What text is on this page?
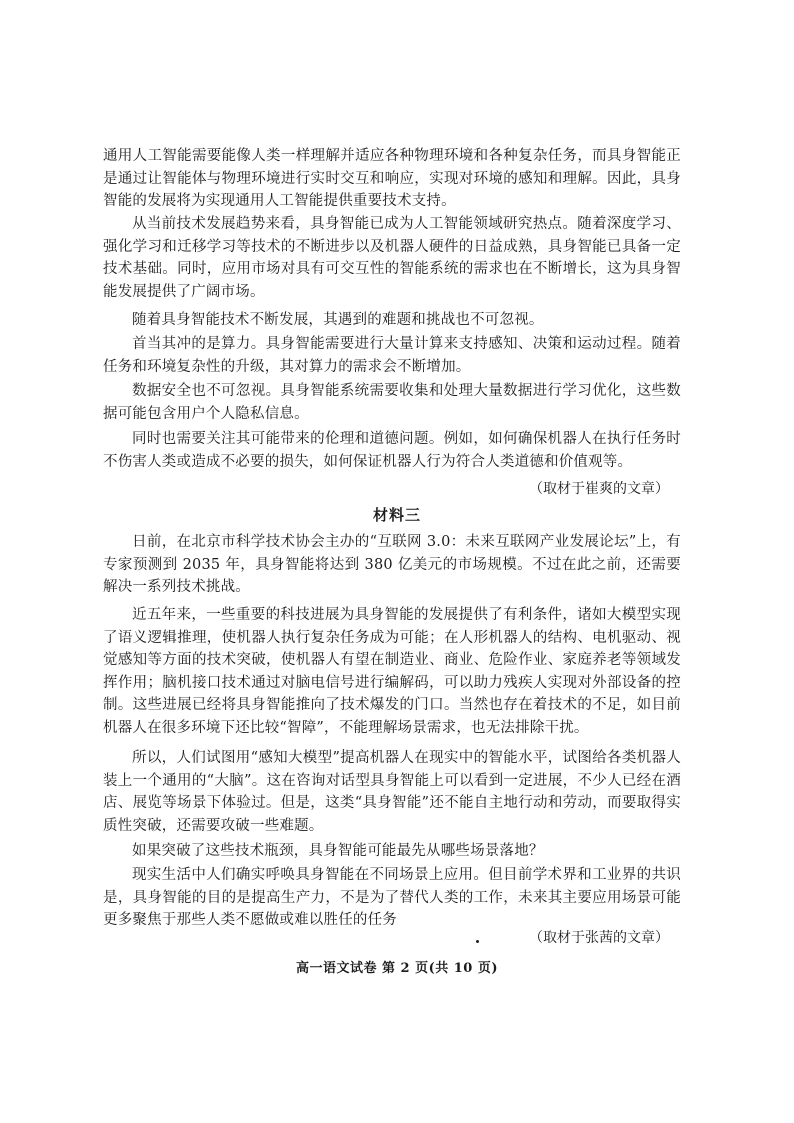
通用人工智能需要能像人类一样理解并适应各种物理环境和各种复杂任务，而具身智能正是通过让智能体与物理环境进行实时交互和响应，实现对环境的感知和理解。因此，具身智能的发展将为实现通用人工智能提供重要技术支持。
从当前技术发展趋势来看，具身智能已成为人工智能领域研究热点。随着深度学习、强化学习和迁移学习等技术的不断进步以及机器人硬件的日益成熟，具身智能已具备一定技术基础。同时，应用市场对具有可交互性的智能系统的需求也在不断增长，这为具身智能发展提供了广阔市场。
随着具身智能技术不断发展，其遇到的难题和挑战也不可忽视。
首当其冲的是算力。具身智能需要进行大量计算来支持感知、决策和运动过程。随着任务和环境复杂性的升级，其对算力的需求会不断增加。
数据安全也不可忽视。具身智能系统需要收集和处理大量数据进行学习优化，这些数据可能包含用户个人隐私信息。
同时也需要关注其可能带来的伦理和道德问题。例如，如何确保机器人在执行任务时不伤害人类或造成不必要的损失，如何保证机器人行为符合人类道德和价值观等。
（取材于崔爽的文章）
材料三
日前，在北京市科学技术协会主办的“互联网 3.0：未来互联网产业发展论坛”上，有专家预测到 2035 年，具身智能将达到 380 亿美元的市场规模。不过在此之前，还需要解决一系列技术挑战。
近五年来，一些重要的科技进展为具身智能的发展提供了有利条件，诸如大模型实现了语义逻辑推理，使机器人执行复杂任务成为可能；在人形机器人的结构、电机驱动、视觉感知等方面的技术突破，使机器人有望在制造业、商业、危险作业、家庭养老等领域发挥作用；脑机接口技术通过对脑电信号进行编解码，可以助力残疾人实现对外部设备的控制。这些进展已经将具身智能推向了技术爆发的门口。当然也存在着技术的不足，如目前机器人在很多环境下还比较“智障”，不能理解场景需求，也无法排除干扰。
所以，人们试图用“感知大模型”提高机器人在现实中的智能水平，试图给各类机器人装上一个通用的“大脑”。这在咨询对话型具身智能上可以看到一定进展，不少人已经在酒店、展览等场景下体验过。但是，这类“具身智能”还不能自主地行动和劳动，而要取得实质性突破，还需要攻破一些难题。
如果突破了这些技术瓶颈，具身智能可能最先从哪些场景落地？
现实生活中人们确实呼唤具身智能在不同场景上应用。但目前学术界和工业界的共识是，具身智能的目的是提高生产力，不是为了替代人类的工作，未来其主要应用场景可能更多聚焦于那些人类不愿做或难以胜任的任务
（取材于张茜的文章）
高一语文试卷 第 2 页(共 10 页)
